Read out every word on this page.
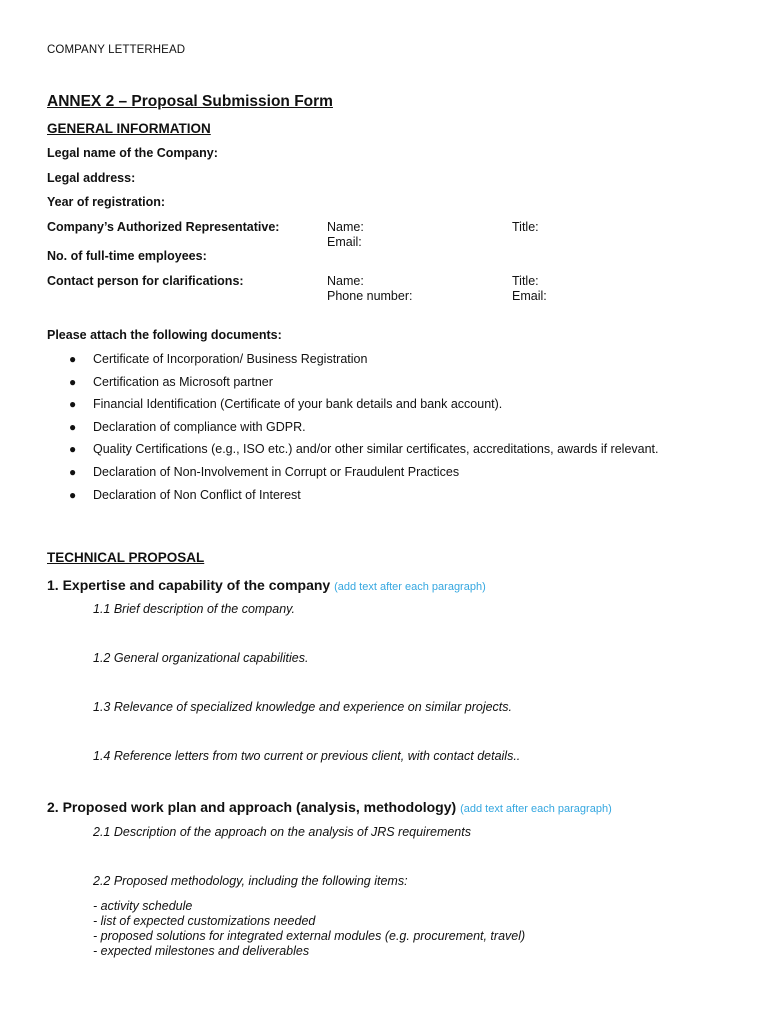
COMPANY LETTERHEAD
ANNEX 2 – Proposal Submission Form
GENERAL INFORMATION
Legal name of the Company:
Legal address:
Year of registration:
Company’s Authorized Representative:	Name:	Title:
Email:
No. of full-time employees:
Contact person for clarifications:	Name:	Title:
Phone number:	Email:
Please attach the following documents:
● Certificate of Incorporation/ Business Registration
● Certification as Microsoft partner
● Financial Identification (Certificate of your bank details and bank account).
● Declaration of compliance with GDPR.
● Quality Certifications (e.g., ISO etc.) and/or other similar certificates, accreditations, awards if relevant.
● Declaration of Non-Involvement in Corrupt or Fraudulent Practices
● Declaration of Non Conflict of Interest
TECHNICAL PROPOSAL
1. Expertise and capability of the company (add text after each paragraph)
1.1 Brief description of the company.
1.2 General organizational capabilities.
1.3 Relevance of specialized knowledge and experience on similar projects.
1.4 Reference letters from two current or previous client, with contact details..
2. Proposed work plan and approach (analysis, methodology) (add text after each paragraph)
2.1 Description of the approach on the analysis of JRS requirements
2.2 Proposed methodology, including the following items:
- activity schedule
- list of expected customizations needed
- proposed solutions for integrated external modules (e.g. procurement, travel)
- expected milestones and deliverables
